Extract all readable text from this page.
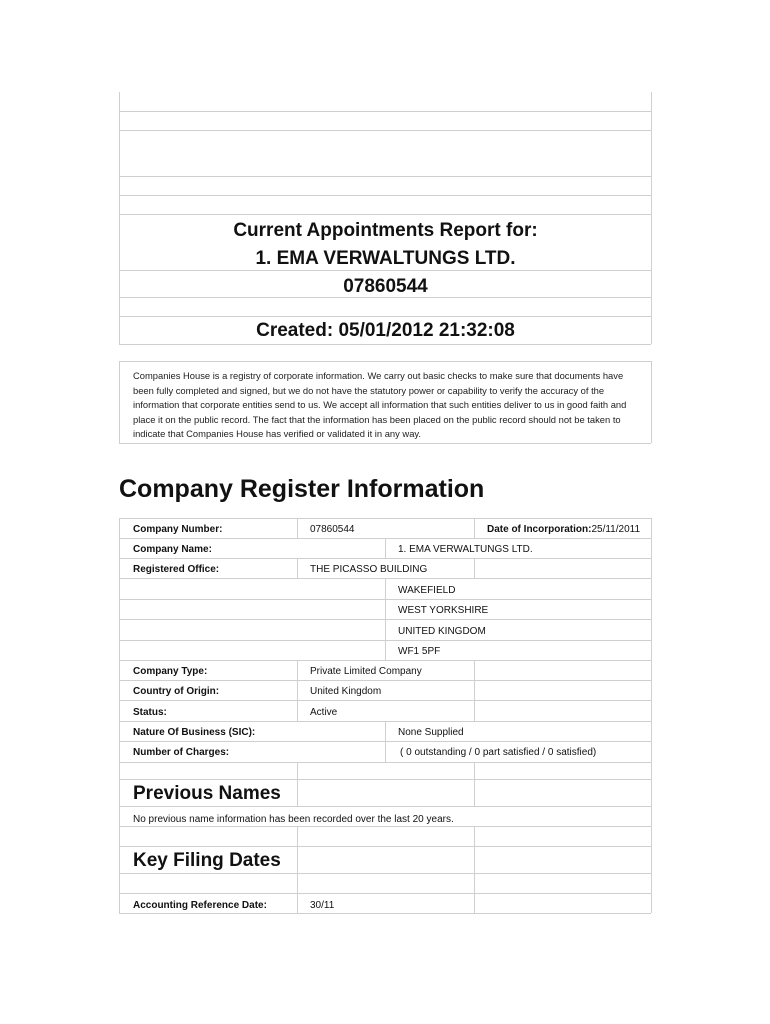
Current Appointments Report for:
1. EMA VERWALTUNGS LTD.
07860544
Created: 05/01/2012 21:32:08
Companies House is a registry of corporate information. We carry out basic checks to make sure that documents have been fully completed and signed, but we do not have the statutory power or capability to verify the accuracy of the information that corporate entities send to us. We accept all information that such entities deliver to us in good faith and place it on the public record. The fact that the information has been placed on the public record should not be taken to indicate that Companies House has verified or validated it in any way.
Company Register Information
Company Number:	07860544	Date of Incorporation:25/11/2011
Company Name:	1. EMA VERWALTUNGS LTD.
Registered Office:	THE PICASSO BUILDING
WAKEFIELD
WEST YORKSHIRE
UNITED KINGDOM
WF1 5PF
Company Type:	Private Limited Company
Country of Origin:	United Kingdom
Status:	Active
Nature Of Business (SIC):	None Supplied
Number of Charges:	( 0 outstanding / 0 part satisfied / 0 satisfied)
Previous Names
No previous name information has been recorded over the last 20 years.
Key Filing Dates
Accounting Reference Date:	30/11
